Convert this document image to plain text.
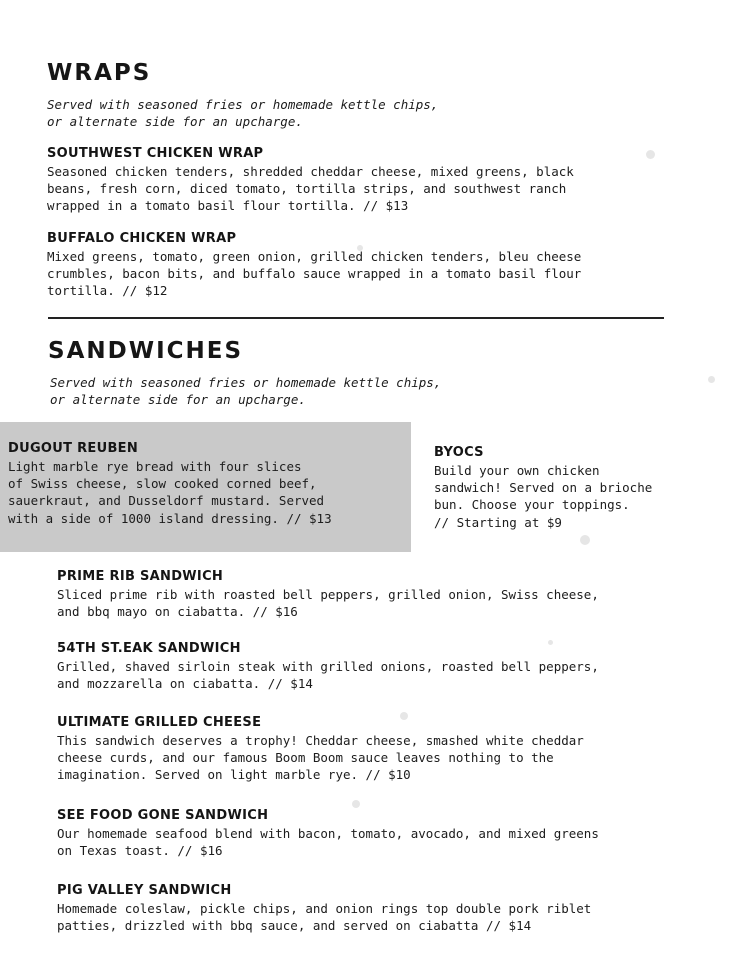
WRAPS

Served with seasoned fries or homemade kettle chips,
or alternate side for an upcharge.

SOUTHWEST CHICKEN WRAP

Seasoned chicken tenders, shredded cheddar cheese, mixed greens, black
beans, fresh corn, diced tomato, tortilla strips, and southwest ranch
wrapped in a tomato basil flour tortilla. // $13

BUFFALO CHICKEN WRAP

Mixed greens, tomato, green onion, grilled chicken tenders, bleu cheese
crumbles, bacon bits, and buffalo sauce wrapped in a tomato basil flour
tortilla. // $12

SANDWICHES

Served with seasoned fries or homemade kettle chips,
or alternate side for an upcharge.

DUGOUT REUBEN

Light marble rye bread with four slices
of Swiss cheese, slow cooked corned beef,
sauerkraut, and Dusseldorf mustard. Served
with a side of 1000 island dressing. // $13

BYOCS

Build your own chicken
sandwich! Served on a brioche
bun. Choose your toppings.
// Starting at $9

PRIME RIB SANDWICH

Sliced prime rib with roasted bell peppers, grilled onion, Swiss cheese,
and bbq mayo on ciabatta. // $16

54TH ST.EAK SANDWICH

Grilled, shaved sirloin steak with grilled onions, roasted bell peppers,
and mozzarella on ciabatta. // $14

ULTIMATE GRILLED CHEESE

This sandwich deserves a trophy! Cheddar cheese, smashed white cheddar
cheese curds, and our famous Boom Boom sauce leaves nothing to the
imagination. Served on light marble rye. // $10

SEE FOOD GONE SANDWICH

Our homemade seafood blend with bacon, tomato, avocado, and mixed greens
on Texas toast. // $16

PIG VALLEY SANDWICH

Homemade coleslaw, pickle chips, and onion rings top double pork riblet
patties, drizzled with bbq sauce, and served on ciabatta // $14
